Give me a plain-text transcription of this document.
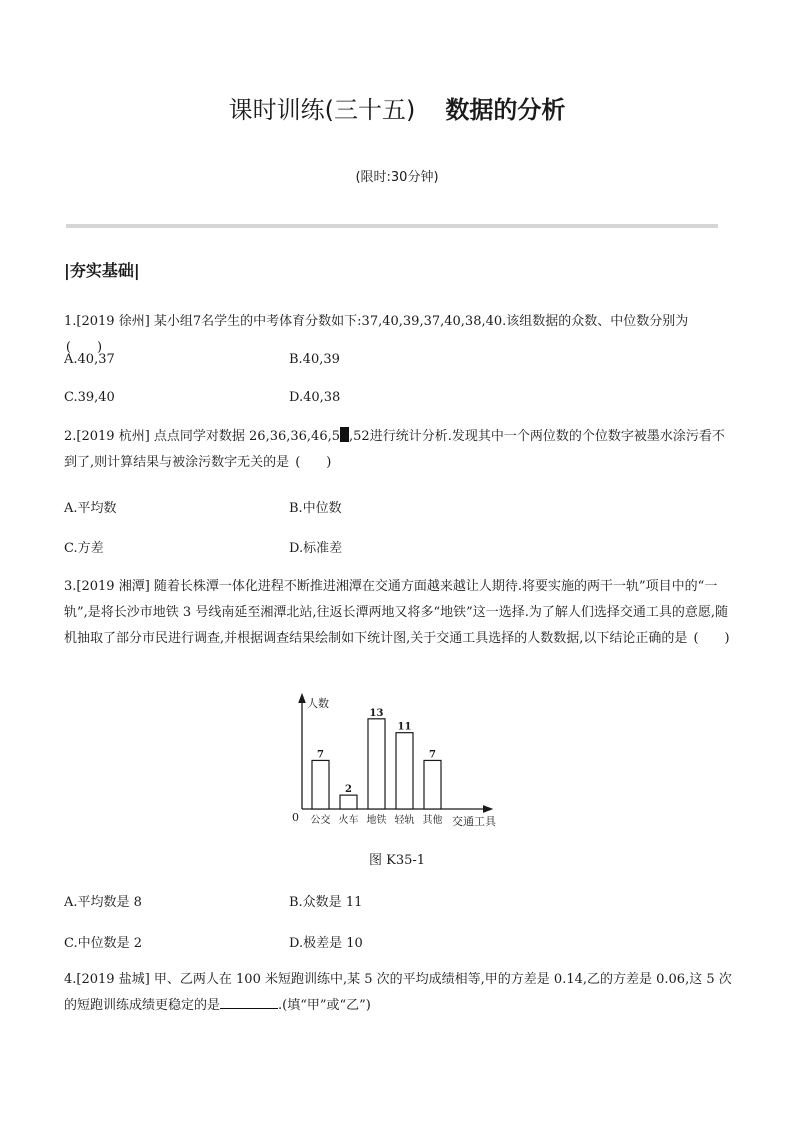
课时训练(三十五) 数据的分析
(限时:30分钟)
|夯实基础|
1.[2019 徐州] 某小组7名学生的中考体育分数如下:37,40,39,37,40,38,40.该组数据的众数、中位数分别为 (　　)
A.40,37	B.40,39
C.39,40	D.40,38
2.[2019 杭州] 点点同学对数据 26,36,36,46,5 ,52进行统计分析.发现其中一个两位数的个位数字被墨水涂污看不到了,则计算结果与被涂污数字无关的是 (　　)
A.平均数	B.中位数
C.方差	D.标准差
3.[2019 湘潭] 随着长株潭一体化进程不断推进湘潭在交通方面越来越让人期待.将要实施的两干一轨”项目中的“一轨”,是将长沙市地铁 3 号线南延至湘潭北站,往返长潭两地又将多“地铁”这一选择.为了解人们选择交通工具的意愿,随机抽取了部分市民进行调查,并根据调查结果绘制如下统计图,关于交通工具选择的人数数据,以下结论正确的是 (　　)
人数
交通工具
0
7
公交
2
火车
13
地铁
11
轻轨
7
其他
图 K35-1
A.平均数是 8	B.众数是 11
C.中位数是 2	D.极差是 10
4.[2019 盐城] 甲、乙两人在 100 米短跑训练中,某 5 次的平均成绩相等,甲的方差是 0.14,乙的方差是 0.06,这 5 次的短跑训练成绩更稳定的是	.(填“甲”或“乙”)
